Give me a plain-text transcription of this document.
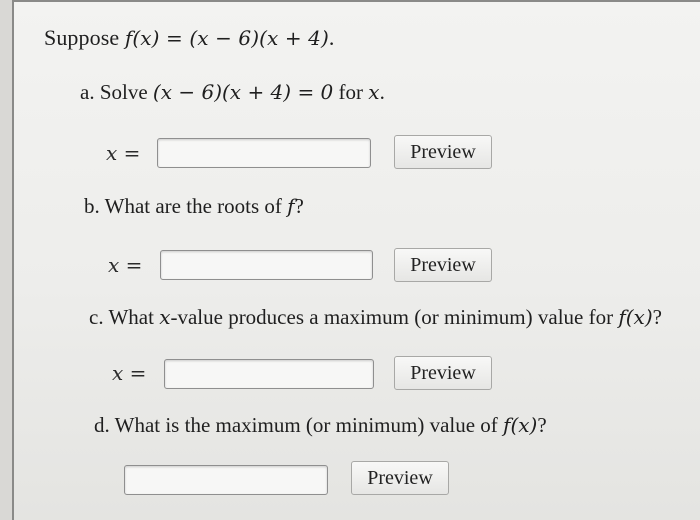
Suppose f(x) = (x − 6)(x + 4).
a. Solve (x − 6)(x + 4) = 0 for x.
x =	Preview
b. What are the roots of f?
x =	Preview
c. What x-value produces a maximum (or minimum) value for f(x)?
x =	Preview
d. What is the maximum (or minimum) value of f(x)?
Preview
